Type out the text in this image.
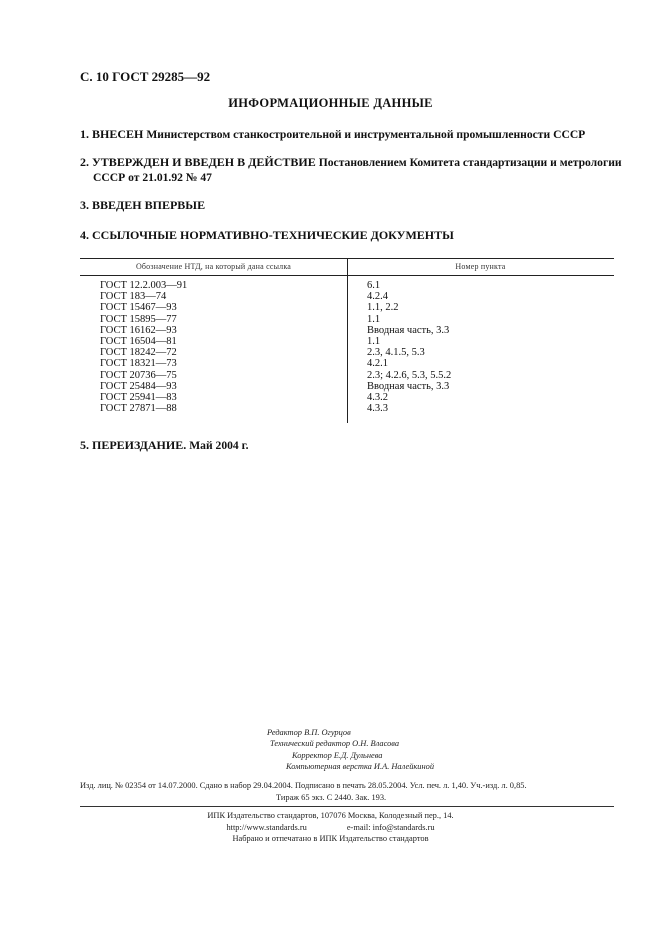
С. 10 ГОСТ 29285—92
ИНФОРМАЦИОННЫЕ ДАННЫЕ
1. ВНЕСЕН Министерством станкостроительной и инструментальной промышленности СССР
2. УТВЕРЖДЕН И ВВЕДЕН В ДЕЙСТВИЕ Постановлением Комитета стандартизации и метрологии
СССР от 21.01.92 № 47
3. ВВЕДЕН ВПЕРВЫЕ
4. ССЫЛОЧНЫЕ НОРМАТИВНО-ТЕХНИЧЕСКИЕ ДОКУМЕНТЫ
Обозначение НТД, на который дана ссылка	Номер пункта
ГОСТ 12.2.003—91	6.1
ГОСТ 183—74	4.2.4
ГОСТ 15467—93	1.1, 2.2
ГОСТ 15895—77	1.1
ГОСТ 16162—93	Вводная часть, 3.3
ГОСТ 16504—81	1.1
ГОСТ 18242—72	2.3, 4.1.5, 5.3
ГОСТ 18321—73	4.2.1
ГОСТ 20736—75	2.3; 4.2.6, 5.3, 5.5.2
ГОСТ 25484—93	Вводная часть, 3.3
ГОСТ 25941—83	4.3.2
ГОСТ 27871—88	4.3.3
5. ПЕРЕИЗДАНИЕ. Май 2004 г.
Редактор В.П. Огурцов
Технический редактор О.Н. Власова
Корректор Е.Д. Дульнева
Компьютерная верстка И.А. Налейкиной
Изд. лиц. № 02354 от 14.07.2000. Сдано в набор 29.04.2004. Подписано в печать 28.05.2004. Усл. печ. л. 1,40. Уч.-изд. л. 0,85.
Тираж 65 экз. С 2440. Зак. 193.
ИПК Издательство стандартов, 107076 Москва, Колодезный пер., 14.
http://www.standards.ru	e-mail: info@standards.ru
Набрано и отпечатано в ИПК Издательство стандартов
